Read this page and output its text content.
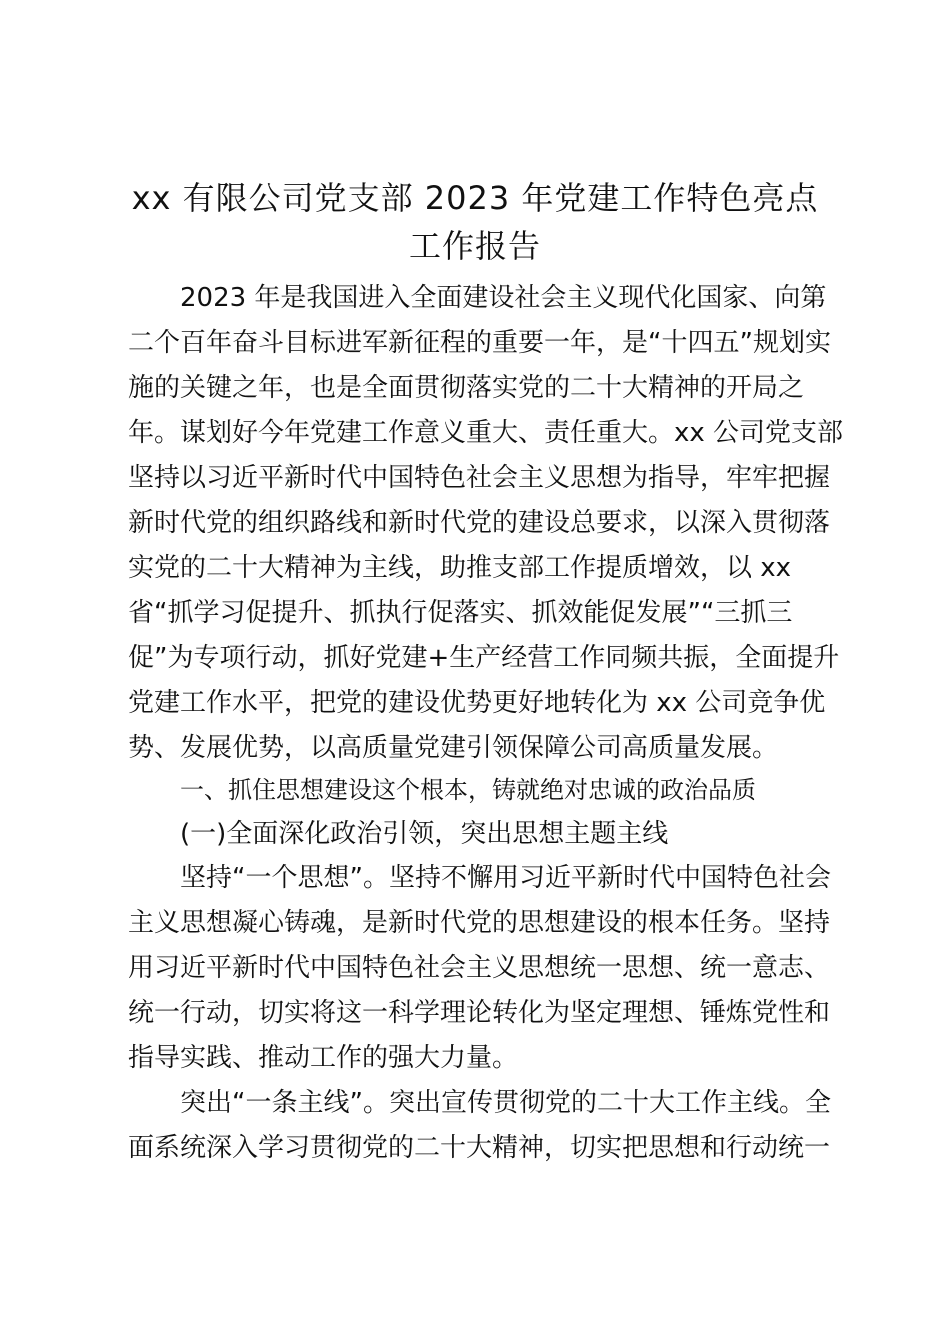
xx 有限公司党支部 2023 年党建工作特色亮点
工作报告

2023 年是我国进入全面建设社会主义现代化国家、向第

二个百年奋斗目标进军新征程的重要一年，是“十四五”规划实

施的关键之年，也是全面贯彻落实党的二十大精神的开局之

年。谋划好今年党建工作意义重大、责任重大。xx 公司党支部

坚持以习近平新时代中国特色社会主义思想为指导，牢牢把握

新时代党的组织路线和新时代党的建设总要求，以深入贯彻落

实党的二十大精神为主线，助推支部工作提质增效，以 xx

省“抓学习促提升、抓执行促落实、抓效能促发展”“三抓三

促”为专项行动，抓好党建+生产经营工作同频共振，全面提升

党建工作水平，把党的建设优势更好地转化为 xx 公司竞争优

势、发展优势，以高质量党建引领保障公司高质量发展。

一、抓住思想建设这个根本，铸就绝对忠诚的政治品质

(一)全面深化政治引领，突出思想主题主线

坚持“一个思想”。坚持不懈用习近平新时代中国特色社会

主义思想凝心铸魂，是新时代党的思想建设的根本任务。坚持

用习近平新时代中国特色社会主义思想统一思想、统一意志、

统一行动，切实将这一科学理论转化为坚定理想、锤炼党性和

指导实践、推动工作的强大力量。

突出“一条主线”。突出宣传贯彻党的二十大工作主线。全

面系统深入学习贯彻党的二十大精神，切实把思想和行动统一
